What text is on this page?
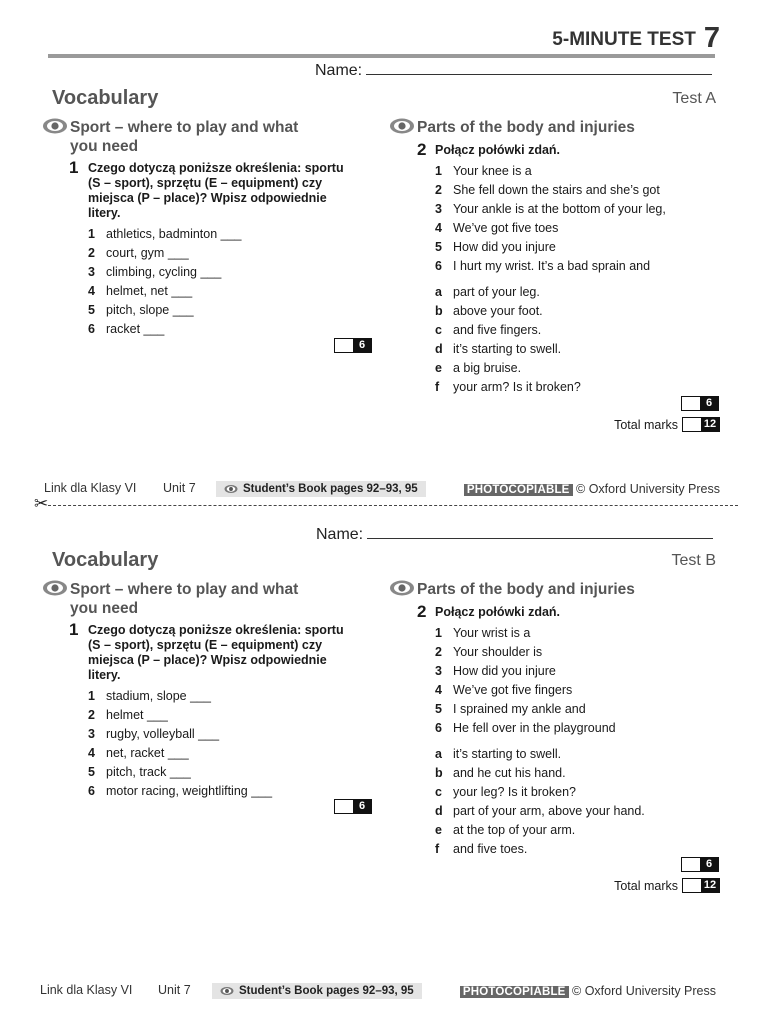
5-MINUTE TEST 7
Name:
Vocabulary	Test A
Sport – where to play and what
you need
1 Czego dotyczą poniższe określenia: sportu
(S – sport), sprzętu (E – equipment) czy
miejsca (P – place)? Wpisz odpowiednie
litery.
1 athletics, badminton ___
2 court, gym ___
3 climbing, cycling ___
4 helmet, net ___
5 pitch, slope ___
6 racket ___
6
Parts of the body and injuries
2 Połącz połówki zdań.
1 Your knee is a
2 She fell down the stairs and she’s got
3 Your ankle is at the bottom of your leg,
4 We’ve got five toes
5 How did you injure
6 I hurt my wrist. It’s a bad sprain and
a part of your leg.
b above your foot.
c and five fingers.
d it’s starting to swell.
e a big bruise.
f	your arm? Is it broken?
6
Total marks 12
Link dla Klasy VI Unit 7	Student’s Book pages 92–93, 95	PHOTOCOPIABLE © Oxford University Press
✂
Name:
Vocabulary	Test B
Sport – where to play and what
you need
1 Czego dotyczą poniższe określenia: sportu
(S – sport), sprzętu (E – equipment) czy
miejsca (P – place)? Wpisz odpowiednie
litery.
1 stadium, slope ___
2 helmet ___
3 rugby, volleyball ___
4 net, racket ___
5 pitch, track ___
6 motor racing, weightlifting ___
6
Parts of the body and injuries
2 Połącz połówki zdań.
1 Your wrist is a
2 Your shoulder is
3 How did you injure
4 We’ve got five fingers
5 I sprained my ankle and
6 He fell over in the playground
a it’s starting to swell.
b and he cut his hand.
c your leg? Is it broken?
d part of your arm, above your hand.
e at the top of your arm.
f	and five toes.
6
Total marks 12
Link dla Klasy VI Unit 7	Student’s Book pages 92–93, 95	PHOTOCOPIABLE © Oxford University Press
